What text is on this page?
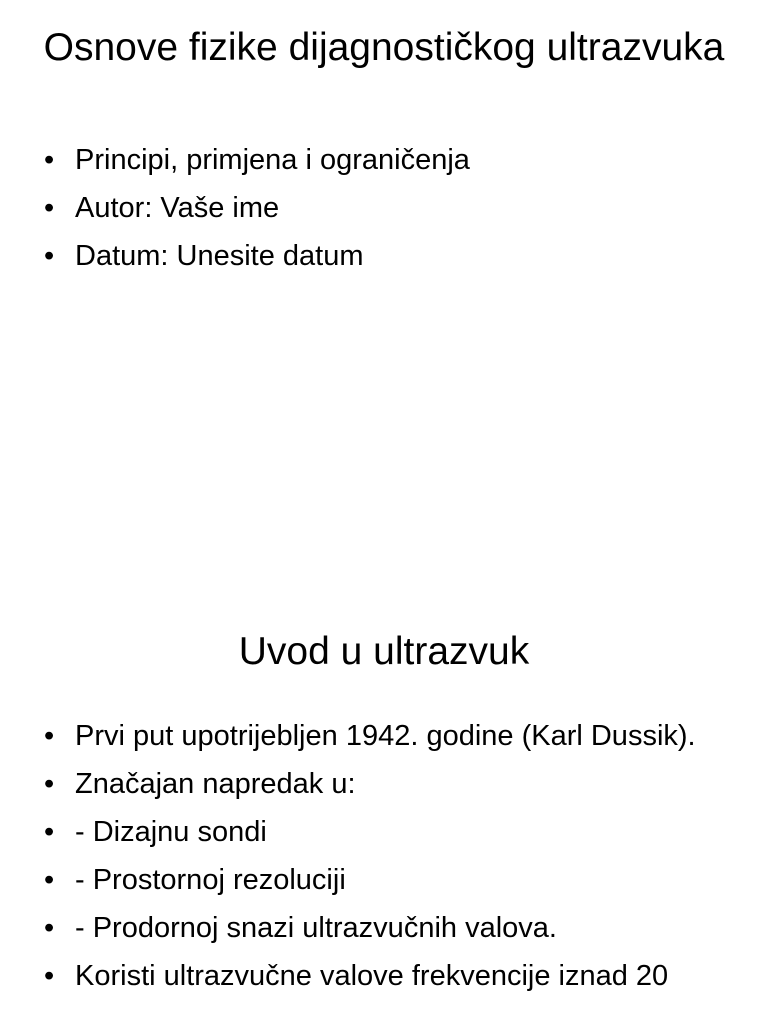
Osnove fizike dijagnostičkog ultrazvuka
• Principi, primjena i ograničenja
• Autor: Vaše ime
• Datum: Unesite datum
Uvod u ultrazvuk
• Prvi put upotrijebljen 1942. godine (Karl Dussik).
• Značajan napredak u:
• - Dizajnu sondi
• - Prostornoj rezoluciji
• - Prodornoj snazi ultrazvučnih valova.
• Koristi ultrazvučne valove frekvencije iznad 20
